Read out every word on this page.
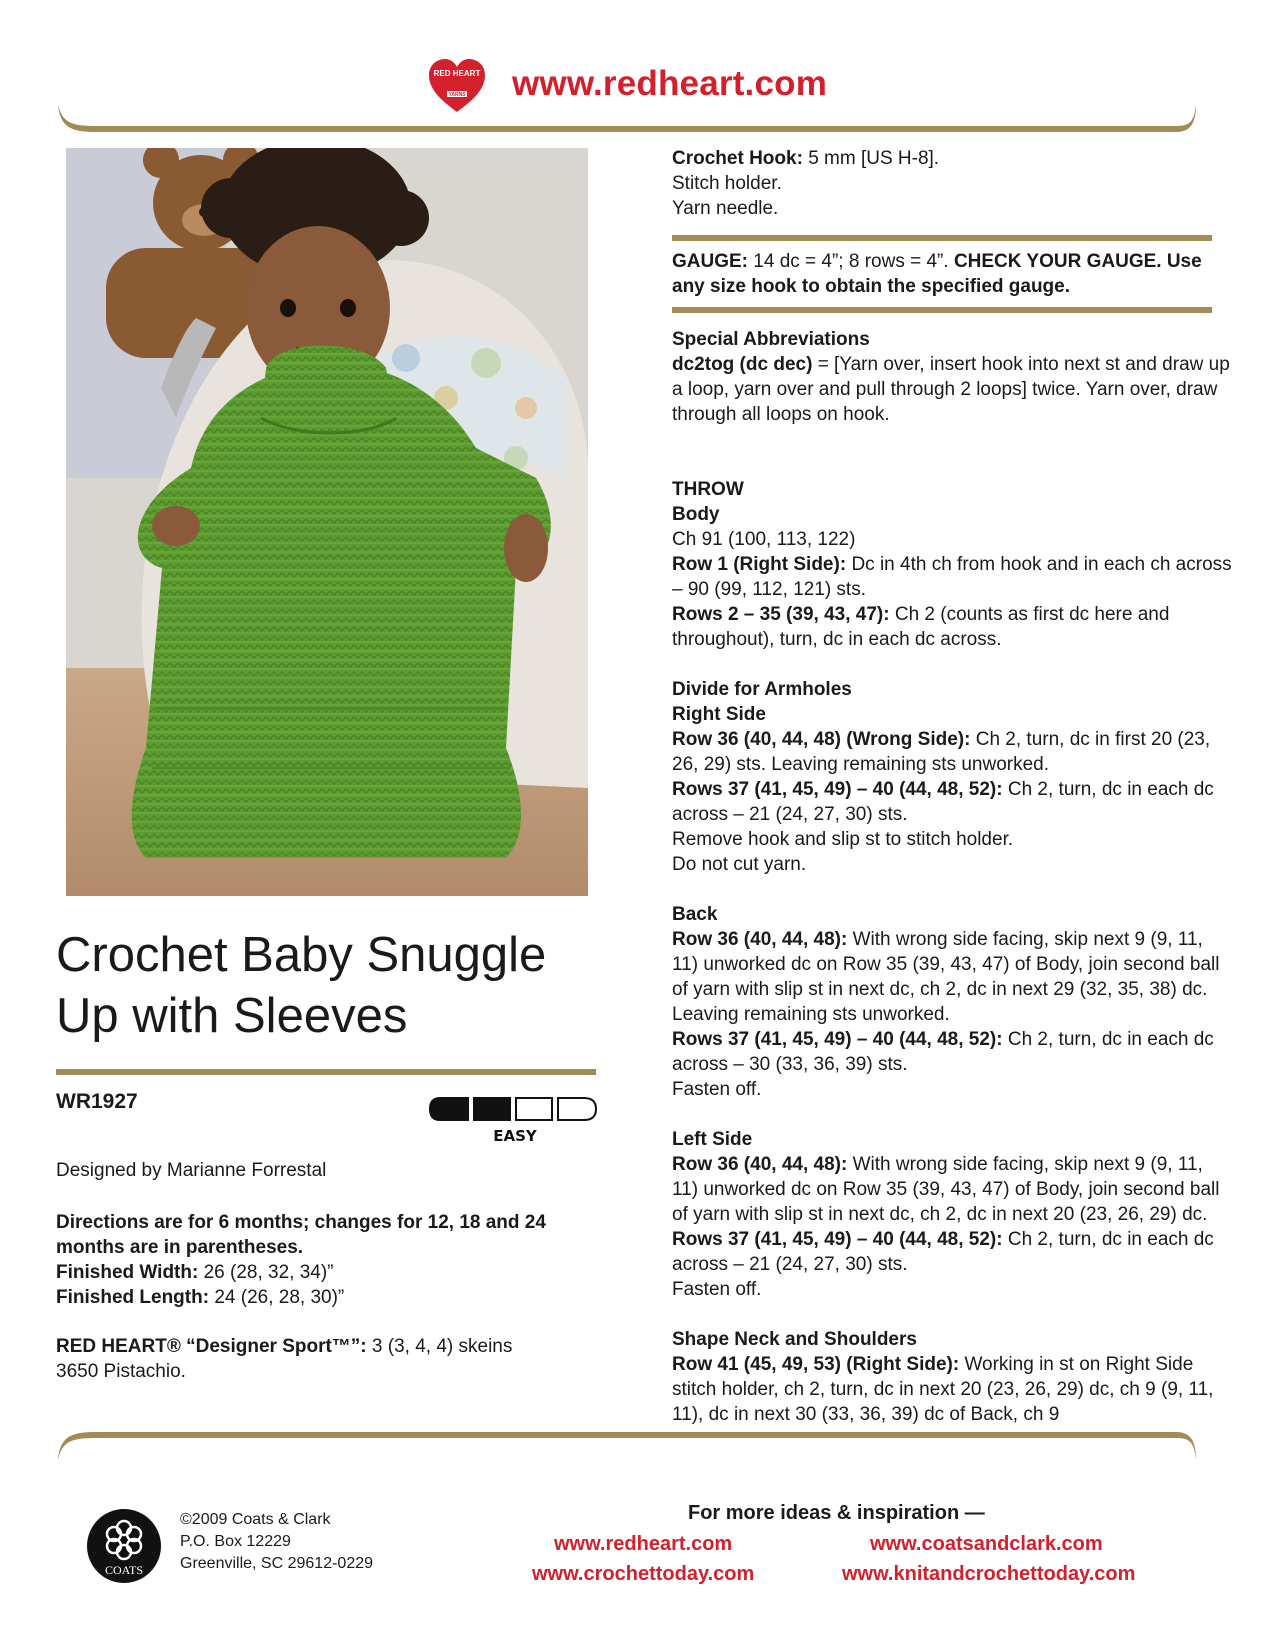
RED HEART
YARNS www.redheart.com
Crochet Baby Snuggle
Up with Sleeves
WR1927
EASY
Designed by Marianne Forrestal
Directions are for 6 months; changes for 12, 18 and 24 months are in parentheses.
Finished Width: 26 (28, 32, 34)”
Finished Length: 24 (26, 28, 30)”
RED HEART® “Designer Sport™”: 3 (3, 4, 4) skeins 3650 Pistachio.

Crochet Hook: 5 mm [US H-8].
Stitch holder.
Yarn needle.

GAUGE: 14 dc = 4”; 8 rows = 4”. CHECK YOUR GAUGE. Use any size hook to obtain the specified gauge.

Special Abbreviations
dc2tog (dc dec) = [Yarn over, insert hook into next st and draw up a loop, yarn over and pull through 2 loops] twice. Yarn over, draw through all loops on hook.

THROW
Body
Ch 91 (100, 113, 122)
Row 1 (Right Side): Dc in 4th ch from hook and in each ch across – 90 (99, 112, 121) sts.
Rows 2 – 35 (39, 43, 47): Ch 2 (counts as first dc here and throughout), turn, dc in each dc across.

Divide for Armholes
Right Side
Row 36 (40, 44, 48) (Wrong Side): Ch 2, turn, dc in first 20 (23, 26, 29) sts. Leaving remaining sts unworked.
Rows 37 (41, 45, 49) – 40 (44, 48, 52): Ch 2, turn, dc in each dc across – 21 (24, 27, 30) sts.
Remove hook and slip st to stitch holder.
Do not cut yarn.

Back
Row 36 (40, 44, 48): With wrong side facing, skip next 9 (9, 11, 11) unworked dc on Row 35 (39, 43, 47) of Body, join second ball of yarn with slip st in next dc, ch 2, dc in next 29 (32, 35, 38) dc. Leaving remaining sts unworked.
Rows 37 (41, 45, 49) – 40 (44, 48, 52): Ch 2, turn, dc in each dc across – 30 (33, 36, 39) sts.
Fasten off.

Left Side
Row 36 (40, 44, 48): With wrong side facing, skip next 9 (9, 11, 11) unworked dc on Row 35 (39, 43, 47) of Body, join second ball of yarn with slip st in next dc, ch 2, dc in next 20 (23, 26, 29) dc.
Rows 37 (41, 45, 49) – 40 (44, 48, 52): Ch 2, turn, dc in each dc across – 21 (24, 27, 30) sts.
Fasten off.

Shape Neck and Shoulders
Row 41 (45, 49, 53) (Right Side): Working in st on Right Side stitch holder, ch 2, turn, dc in next 20 (23, 26, 29) dc, ch 9 (9, 11, 11), dc in next 30 (33, 36, 39) dc of Back, ch 9

COATS
©2009 Coats & Clark
P.O. Box 12229
Greenville, SC 29612-0229
For more ideas & inspiration —
www.redheart.com	www.coatsandclark.com
www.crochettoday.com	www.knitandcrochettoday.com
